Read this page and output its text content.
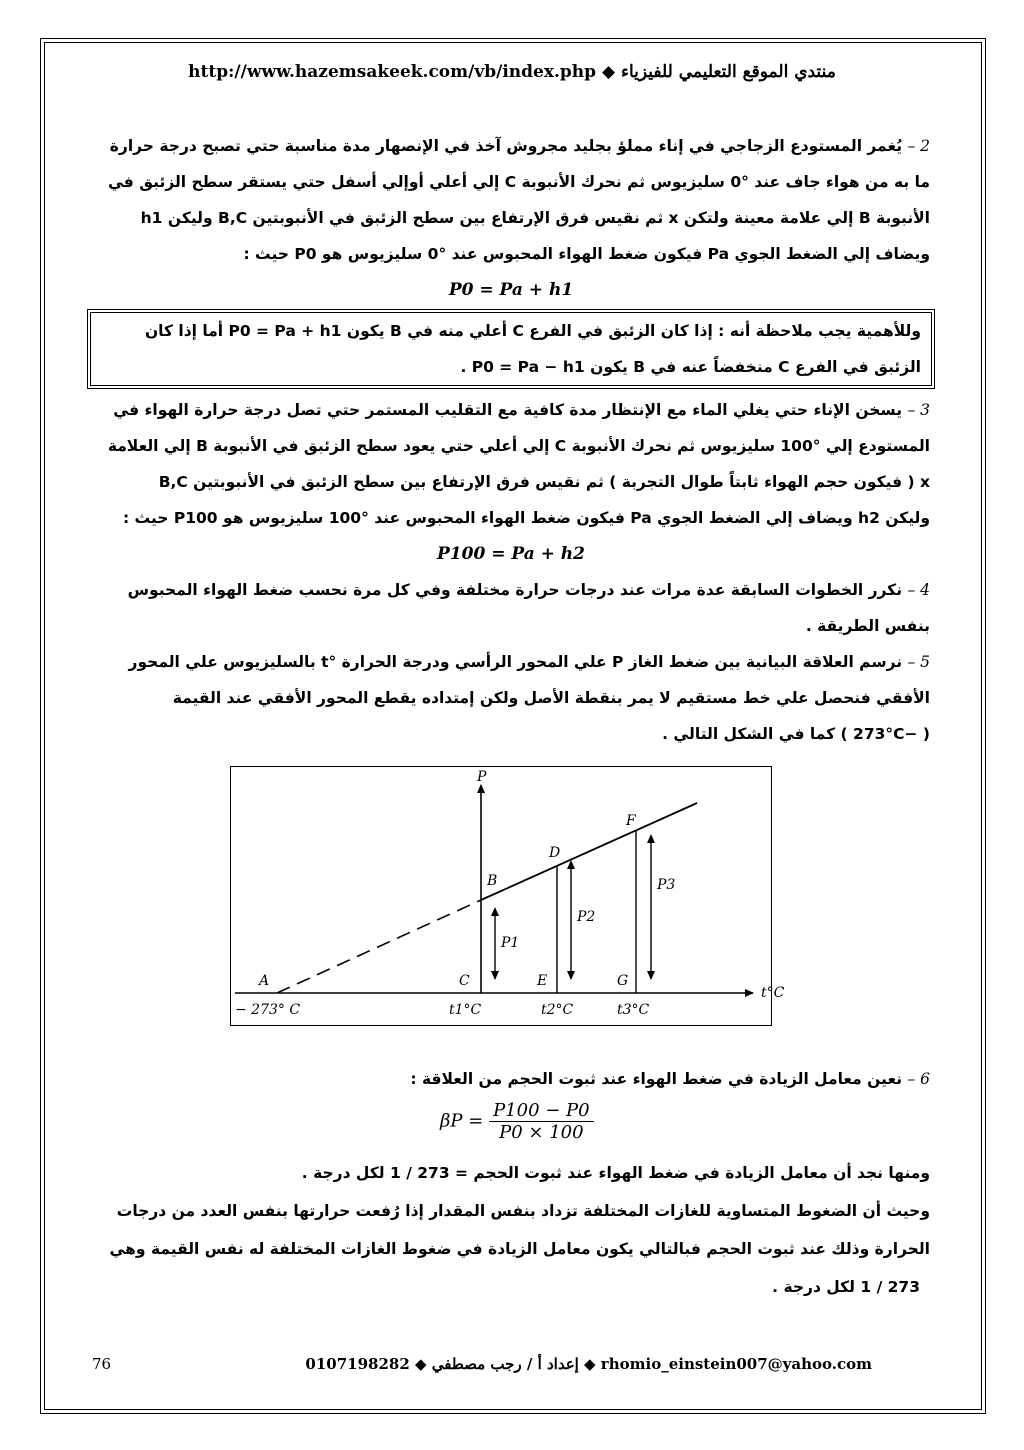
http://www.hazemsakeek.com/vb/index.php ◆ منتدي الموقع التعليمي للفيزياء

2 – يُغمر المستودع الزجاجي في إناء مملؤ بجليد مجروش آخذ في الإنصهار مدة مناسبة حتي تصبح درجة حرارة

ما به من هواء جاف عند °0 سليزيوس ثم نحرك الأنبوبة C إلي أعلي أوإلي أسفل حتي يستقر سطح الزئبق في

الأنبوبة B إلي علامة معينة ولتكن x ثم نقيس فرق الإرتفاع بين سطح الزئبق في الأنبوبتين B,C وليكن h1

ويضاف إلي الضغط الجوي Pa فيكون ضغط الهواء المحبوس عند °0 سليزيوس هو P0 حيث :

P0 = Pa + h1

وللأهمية يجب ملاحظة أنه : إذا كان الزئبق في الفرع C أعلي منه في B يكون P0 = Pa + h1 أما إذا كان

الزئبق في الفرع C منخفضاً عنه في B يكون P0 = Pa − h1 .

3 – يسخن الإناء حتي يغلي الماء مع الإنتظار مدة كافية مع التقليب المستمر حتي تصل درجة حرارة الهواء في

المستودع إلي °100 سليزيوس ثم نحرك الأنبوبة C إلي أعلي حتي يعود سطح الزئبق في الأنبوبة B إلي العلامة

x ( فيكون حجم الهواء ثابتاً طوال التجربة ) ثم نقيس فرق الإرتفاع بين سطح الزئبق في الأنبوبتين B,C

وليكن h2 ويضاف إلي الضغط الجوي Pa فيكون ضغط الهواء المحبوس عند °100 سليزيوس هو P100 حيث :

P100 = Pa + h2

4 – نكرر الخطوات السابقة عدة مرات عند درجات حرارة مختلفة وفي كل مرة نحسب ضغط الهواء المحبوس

بنفس الطريقة .

5 – نرسم العلاقة البيانية بين ضغط الغاز P علي المحور الرأسي ودرجة الحرارة °t بالسليزيوس علي المحور

الأفقي فنحصل علي خط مستقيم لا يمر بنقطة الأصل ولكن إمتداده يقطع المحور الأفقي عند القيمة

( −273°C ) كما في الشكل التالي .

P
t°C
A
B
C
D
E
F
G
− 273° C	t1°C	t2°C	t3°C
P1
P2
P3

6 – نعين معامل الزيادة في ضغط الهواء عند ثبوت الحجم من العلاقة :

ومنها نجد أن معامل الزيادة في ضغط الهواء عند ثبوت الحجم = 273 / 1 لكل درجة .

وحيث أن الضغوط المتساوية للغازات المختلفة تزداد بنفس المقدار إذا رُفعت حرارتها بنفس العدد من درجات

الحرارة وذلك عند ثبوت الحجم فبالتالي يكون معامل الزيادة في ضغوط الغازات المختلفة له نفس القيمة وهي

273 / 1 لكل درجة .

$\beta P = \frac{P100 - P0}{P0 \times 100}$
76	إعداد أ / رجب مصطفي ◆ 0107198282 ◆ rhomio_einstein007@yahoo.com
